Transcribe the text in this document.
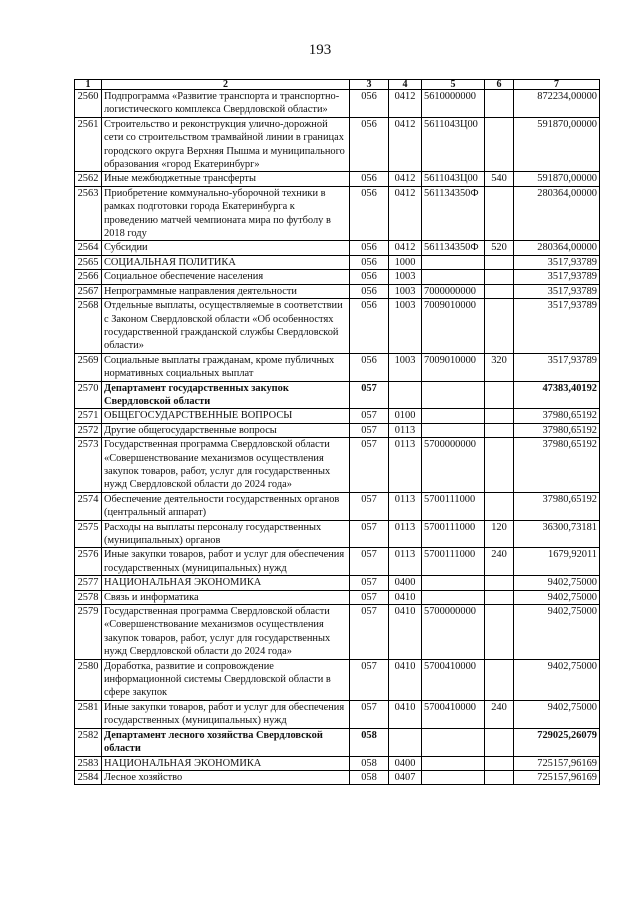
193
1	2	3	4	5	6	7
2560	Подпрограмма «Развитие транспорта и транспортно-логистического комплекса Свердловской области»	056	0412	5610000000		872234,00000
2561	Строительство и реконструкция улично-дорожной сети со строительством трамвайной линии в границах городского округа Верхняя Пышма и муниципального образования «город Екатеринбург»	056	0412	5611043Ц00		591870,00000
2562	Иные межбюджетные трансферты	056	0412	5611043Ц00	540	591870,00000
2563	Приобретение коммунально-уборочной техники в рамках подготовки города Екатеринбурга к проведению матчей чемпионата мира по футболу в 2018 году	056	0412	561134350Ф		280364,00000
2564	Субсидии	056	0412	561134350Ф	520	280364,00000
2565	СОЦИАЛЬНАЯ ПОЛИТИКА	056	1000			3517,93789
2566	Социальное обеспечение населения	056	1003			3517,93789
2567	Непрограммные направления деятельности	056	1003	7000000000		3517,93789
2568	Отдельные выплаты, осуществляемые в соответствии с Законом Свердловской области «Об особенностях государственной гражданской службы Свердловской области»	056	1003	7009010000		3517,93789
2569	Социальные выплаты гражданам, кроме публичных нормативных социальных выплат	056	1003	7009010000	320	3517,93789
2570	Департамент государственных закупок Свердловской области	057				47383,40192
2571	ОБЩЕГОСУДАРСТВЕННЫЕ ВОПРОСЫ	057	0100			37980,65192
2572	Другие общегосударственные вопросы	057	0113			37980,65192
2573	Государственная программа Свердловской области «Совершенствование механизмов осуществления закупок товаров, работ, услуг для государственных нужд Свердловской области до 2024 года»	057	0113	5700000000		37980,65192
2574	Обеспечение деятельности государственных органов (центральный аппарат)	057	0113	5700111000		37980,65192
2575	Расходы на выплаты персоналу государственных (муниципальных) органов	057	0113	5700111000	120	36300,73181
2576	Иные закупки товаров, работ и услуг для обеспечения государственных (муниципальных) нужд	057	0113	5700111000	240	1679,92011
2577	НАЦИОНАЛЬНАЯ ЭКОНОМИКА	057	0400			9402,75000
2578	Связь и информатика	057	0410			9402,75000
2579	Государственная программа Свердловской области «Совершенствование механизмов осуществления закупок товаров, работ, услуг для государственных нужд Свердловской области до 2024 года»	057	0410	5700000000		9402,75000
2580	Доработка, развитие и сопровождение информационной системы Свердловской области в сфере закупок	057	0410	5700410000		9402,75000
2581	Иные закупки товаров, работ и услуг для обеспечения государственных (муниципальных) нужд	057	0410	5700410000	240	9402,75000
2582	Департамент лесного хозяйства Свердловской области	058				729025,26079
2583	НАЦИОНАЛЬНАЯ ЭКОНОМИКА	058	0400			725157,96169
2584	Лесное хозяйство	058	0407			725157,96169
